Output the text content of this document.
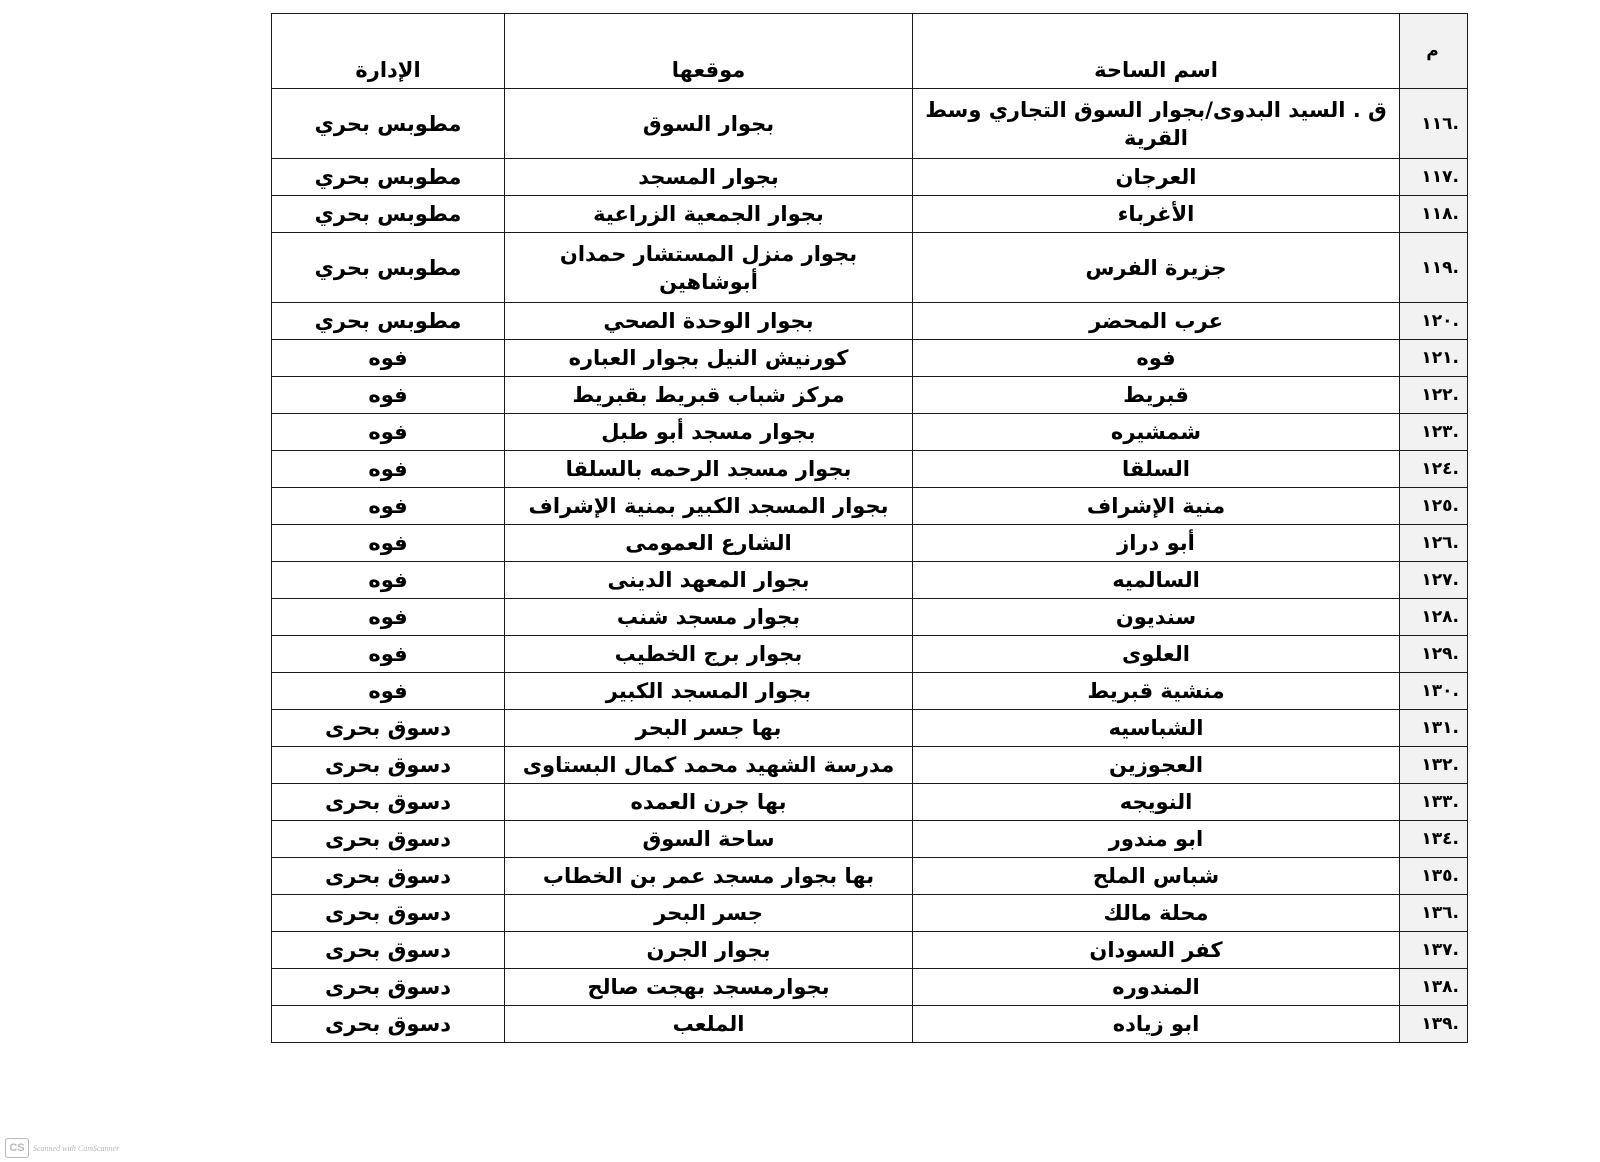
م	اسم الساحة	موقعها	الإدارة
١١٦.	ق . السيد البدوى/بجوار السوق التجاري وسط القرية	بجوار السوق	مطوبس بحري
١١٧.	العرجان	بجوار المسجد	مطوبس بحري
١١٨.	الأغرباء	بجوار الجمعية الزراعية	مطوبس بحري
١١٩.	جزيرة الفرس	بجوار منزل المستشار حمدان أبوشاهين	مطوبس بحري
١٢٠.	عرب المحضر	بجوار الوحدة الصحي	مطوبس بحري
١٢١.	فوه	كورنيش النيل بجوار العباره	فوه
١٢٢.	قبريط	مركز شباب قبريط بقبريط	فوه
١٢٣.	شمشيره	بجوار مسجد أبو طبل	فوه
١٢٤.	السلقا	بجوار مسجد الرحمه بالسلقا	فوه
١٢٥.	منية الإشراف	بجوار المسجد الكبير بمنية الإشراف	فوه
١٢٦.	أبو دراز	الشارع العمومى	فوه
١٢٧.	السالميه	بجوار المعهد الدينى	فوه
١٢٨.	سنديون	بجوار مسجد شنب	فوه
١٢٩.	العلوى	بجوار برج الخطيب	فوه
١٣٠.	منشية قبريط	بجوار المسجد الكبير	فوه
١٣١.	الشباسيه	بها جسر البحر	دسوق بحرى
١٣٢.	العجوزين	مدرسة الشهيد محمد كمال البستاوى	دسوق بحرى
١٣٣.	النويجه	بها جرن العمده	دسوق بحرى
١٣٤.	ابو مندور	ساحة السوق	دسوق بحرى
١٣٥.	شباس الملح	بها بجوار مسجد عمر بن الخطاب	دسوق بحرى
١٣٦.	محلة مالك	جسر البحر	دسوق بحرى
١٣٧.	كفر السودان	بجوار الجرن	دسوق بحرى
١٣٨.	المندوره	بجوارمسجد بهجت صالح	دسوق بحرى
١٣٩.	ابو زياده	الملعب	دسوق بحرى
CS	Scanned with CamScanner
